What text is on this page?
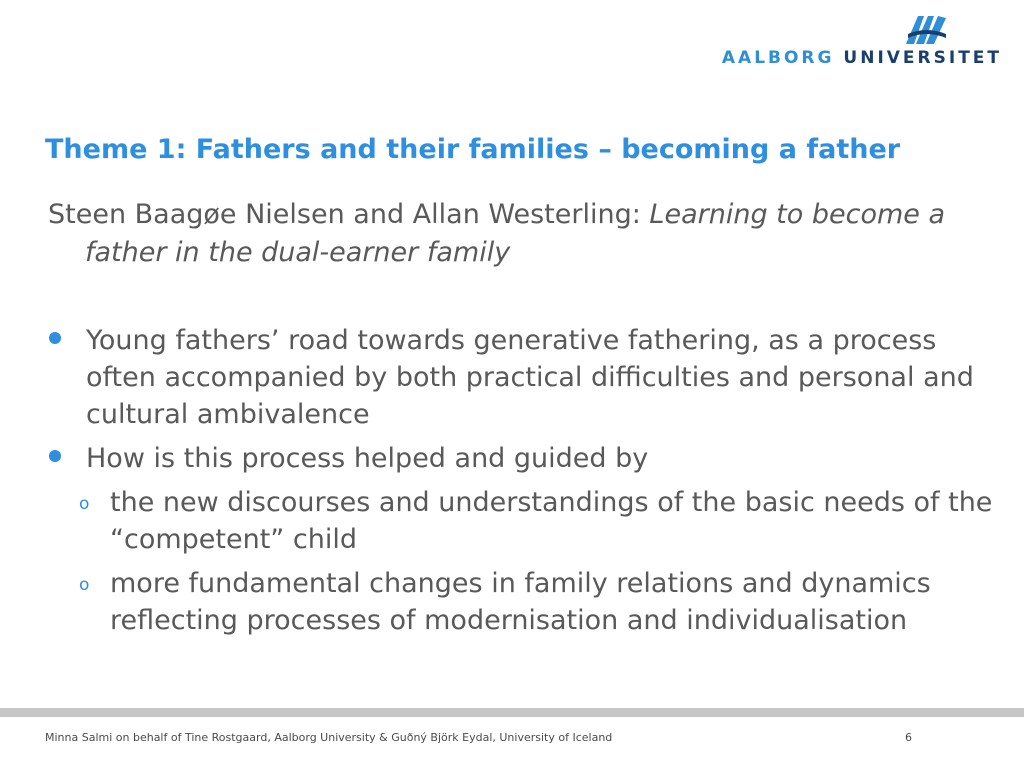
AALBORG UNIVERSITET
Theme 1: Fathers and their families – becoming a father

Steen Baagøe Nielsen and Allan Westerling: Learning to become a father in the dual-earner family

Young fathers’ road towards generative fathering, as a process often accompanied by both practical difficulties and personal and cultural ambivalence
How is this process helped and guided by
o the new discourses and understandings of the basic needs of the “competent” child
o more fundamental changes in family relations and dynamics reflecting processes of modernisation and individualisation
Minna Salmi on behalf of Tine Rostgaard, Aalborg University & Guðný Björk Eydal, University of Iceland	6
